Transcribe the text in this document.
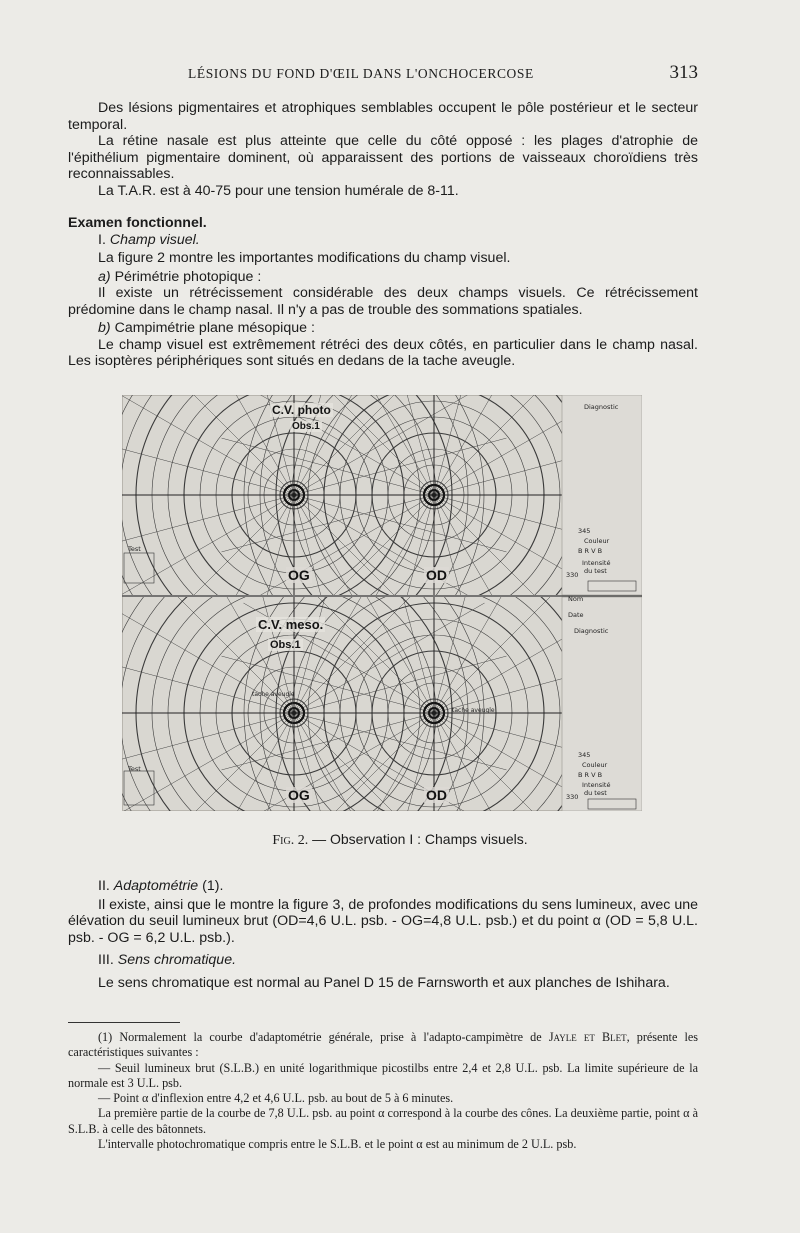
LÉSIONS DU FOND D'ŒIL DANS L'ONCHOCERCOSE	313

Des lésions pigmentaires et atrophiques semblables occupent le pôle postérieur et le secteur temporal.

La rétine nasale est plus atteinte que celle du côté opposé : les plages d'atrophie de l'épithélium pigmentaire dominent, où apparaissent des portions de vaisseaux choroïdiens très reconnaissables.

La T.A.R. est à 40-75 pour une tension humérale de 8-11.

Examen fonctionnel.

I. Champ visuel.

La figure 2 montre les importantes modifications du champ visuel.

a) Périmétrie photopique :

Il existe un rétrécissement considérable des deux champs visuels. Ce rétrécissement prédomine dans le champ nasal. Il n'y a pas de trouble des sommations spatiales.

b) Campimétrie plane mésopique :

Le champ visuel est extrêmement rétréci des deux côtés, en particulier dans le champ nasal. Les isoptères périphériques sont situés en dedans de la tache aveugle.

C.V. photo
Obs.1
C.V. meso.
Obs.1
OG	OD
OG	OD
Diagnostic
345
Couleur
B R V B
Intensité
du test
330
Nom
Date
Diagnostic
345
Couleur
B R V B
Intensité
du test
330
Test
Test
tache aveugle
tache aveugle
Fig. 2. — Observation I : Champs visuels.

II. Adaptométrie (1).

Il existe, ainsi que le montre la figure 3, de profondes modifications du sens lumineux, avec une élévation du seuil lumineux brut (OD=4,6 U.L. psb. - OG=4,8 U.L. psb.) et du point α (OD = 5,8 U.L. psb. - OG = 6,2 U.L. psb.).

III. Sens chromatique.

Le sens chromatique est normal au Panel D 15 de Farnsworth et aux planches de Ishihara.

(1) Normalement la courbe d'adaptométrie générale, prise à l'adapto-campimètre de Jayle et Blet, présente les caractéristiques suivantes :

— Seuil lumineux brut (S.L.B.) en unité logarithmique picostilbs entre 2,4 et 2,8 U.L. psb. La limite supérieure de la normale est 3 U.L. psb.

— Point α d'inflexion entre 4,2 et 4,6 U.L. psb. au bout de 5 à 6 minutes.

La première partie de la courbe de 7,8 U.L. psb. au point α correspond à la courbe des cônes. La deuxième partie, point α à S.L.B. à celle des bâtonnets.

L'intervalle photochromatique compris entre le S.L.B. et le point α est au minimum de 2 U.L. psb.
